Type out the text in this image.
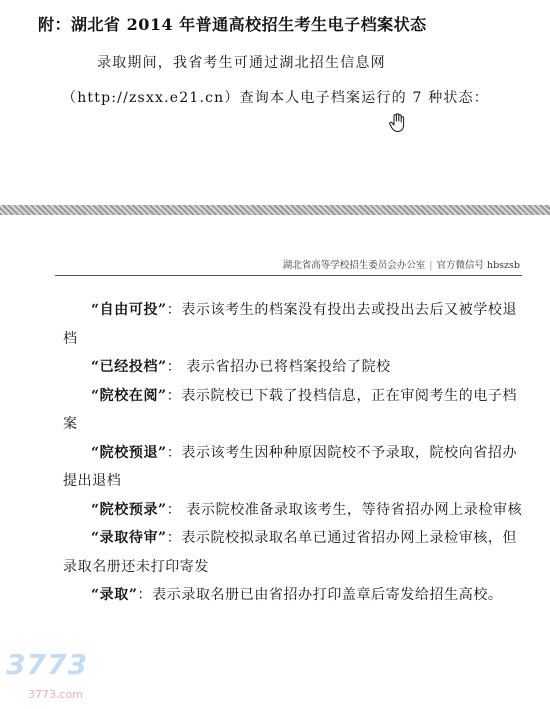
附：湖北省 2014 年普通高校招生考生电子档案状态
录取期间，我省考生可通过湖北招生信息网
（http://zsxx.e21.cn）查询本人电子档案运行的 7 种状态：
湖北省高等学校招生委员会办公室 | 官方微信号 hbszsb

“自由可投”：表示该考生的档案没有投出去或投出去后又被学校退档

“已经投档”： 表示省招办已将档案投给了院校

“院校在阅”：表示院校已下载了投档信息，正在审阅考生的电子档案

“院校预退”：表示该考生因种种原因院校不予录取，院校向省招办提出退档

“院校预录”： 表示院校准备录取该考生，等待省招办网上录检审核

“录取待审”：表示院校拟录取名单已通过省招办网上录检审核，但录取名册还未打印寄发

“录取”：表示录取名册已由省招办打印盖章后寄发给招生高校。

3773
3773.com
